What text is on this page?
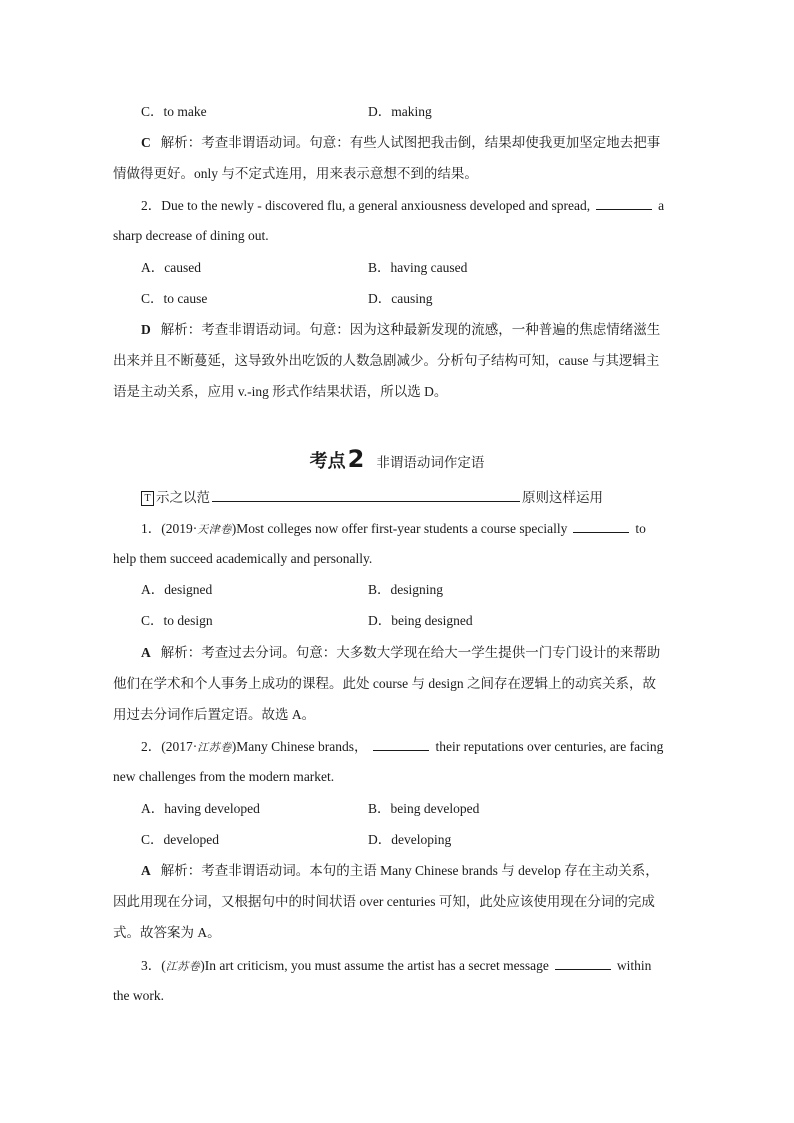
C．to make	D．making
C 解析：考查非谓语动词。句意：有些人试图把我击倒，结果却使我更加坚定地去把事
情做得更好。only 与不定式连用，用来表示意想不到的结果。
2．Due to the newly - discovered flu, a general anxiousness developed and spread,	a
sharp decrease of dining out.
A．caused	B．having caused
C．to cause	D．causing
D 解析：考查非谓语动词。句意：因为这种最新发现的流感，一种普遍的焦虑情绪滋生
出来并且不断蔓延，这导致外出吃饭的人数急剧减少。分析句子结构可知，cause 与其逻辑主
语是主动关系，应用 v.-ing 形式作结果状语，所以选 D。
考点2 非谓语动词作定语
T 示之以范	原则这样运用
1．(2019·天津卷)Most colleges now offer first-year students a course specially	to
help them succeed academically and personally.
A．designed	B．designing
C．to design	D．being designed
A 解析：考查过去分词。句意：大多数大学现在给大一学生提供一门专门设计的来帮助
他们在学术和个人事务上成功的课程。此处 course 与 design 之间存在逻辑上的动宾关系，故
用过去分词作后置定语。故选 A。
2．(2017·江苏卷)Many Chinese brands，	their reputations over centuries, are facing
new challenges from the modern market.
A．having developed	B．being developed
C．developed	D．developing
A 解析：考查非谓语动词。本句的主语 Many Chinese brands 与 develop 存在主动关系，
因此用现在分词，又根据句中的时间状语 over centuries 可知，此处应该使用现在分词的完成
式。故答案为 A。
3．(江苏卷)In art criticism, you must assume the artist has a secret message	within
the work.
